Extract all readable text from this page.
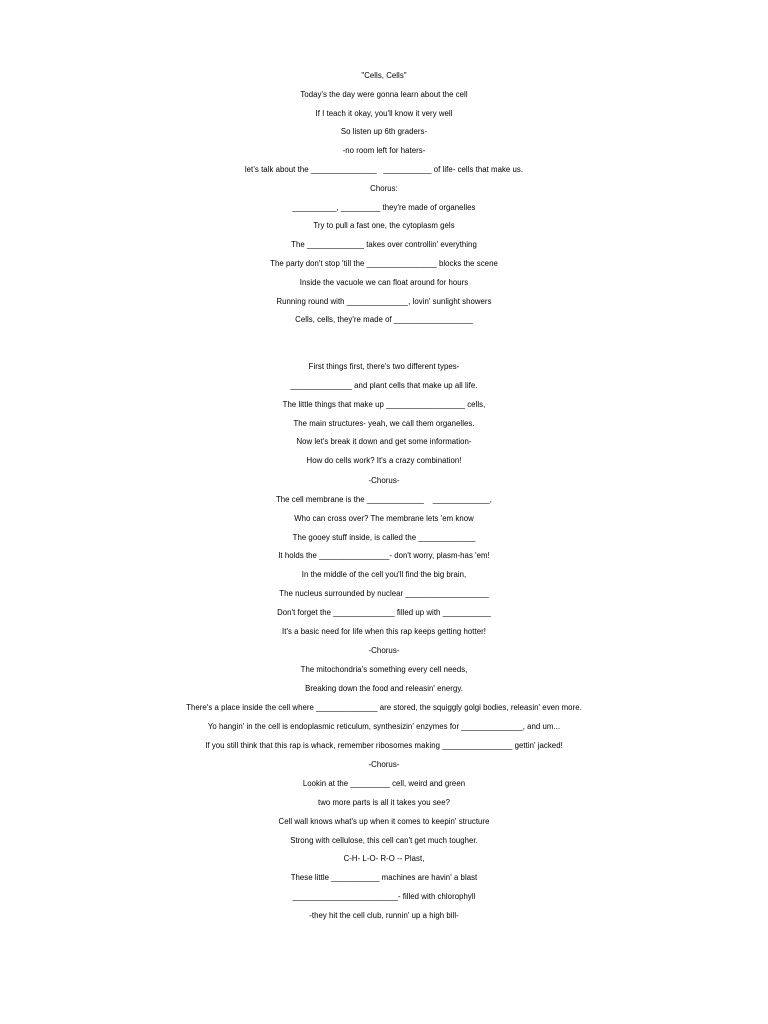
"Cells, Cells"
Today's the day were gonna learn about the cell
If I teach it okay, you'll know it very well
So listen up 6th graders-
-no room left for haters-
let’s talk about the _______________   ___________ of life- cells that make us.
Chorus:
__________, _________ they're made of organelles
Try to pull a fast one, the cytoplasm gels
The _____________ takes over controllin' everything
The party don't stop 'till the ________________ blocks the scene
Inside the vacuole we can float around for hours
Running round with ______________, lovin' sunlight showers
Cells, cells, they're made of __________________
First things first, there's two different types-
______________ and plant cells that make up all life.
The little things that make up __________________ cells,
The main structures- yeah, we call them organelles.
Now let's break it down and get some information-
How do cells work? It's a crazy combination!
-Chorus-
The cell membrane is the _____________    _____________,
Who can cross over? The membrane lets 'em know
The gooey stuff inside, is called the _____________
It holds the ________________- don't worry, plasm-has 'em!
In the middle of the cell you'll find the big brain,
The nucleus surrounded by nuclear ___________________
Don't forget the ______________ filled up with ___________
It's a basic need for life when this rap keeps getting hotter!
-Chorus-
The mitochondria's something every cell needs,
Breaking down the food and releasin' energy.
There's a place inside the cell where ______________ are stored, the squiggly golgi bodies, releasin' even more.
Yo hangin' in the cell is endoplasmic reticulum, synthesizin' enzymes for ______________, and um...
If you still think that this rap is whack, remember ribosomes making ________________ gettin' jacked!
-Chorus-
Lookin at the _________ cell, weird and green
two more parts is all it takes you see?
Cell wall knows what's up when it comes to keepin' structure
Strong with cellulose, this cell can't get much tougher.
C-H- L-O- R-O -- Plast,
These little ___________ machines are havin' a blast
________________________- filled with chlorophyll
-they hit the cell club, runnin' up a high bill-
